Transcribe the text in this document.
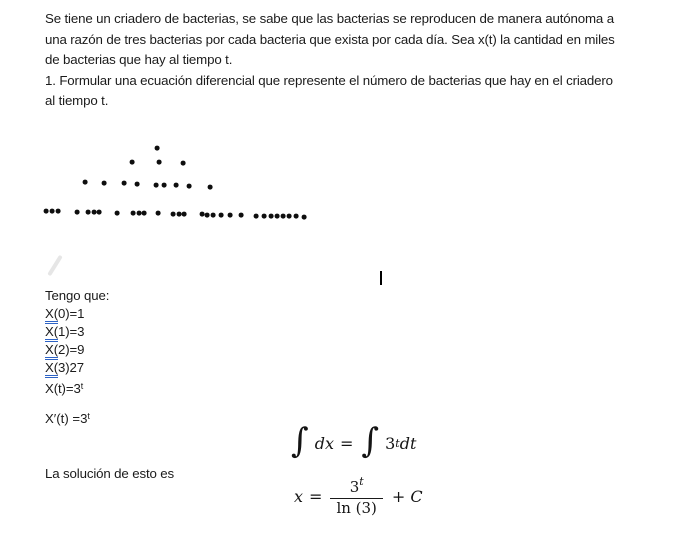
Se tiene un criadero de bacterias, se sabe que las bacterias se reproducen de manera autónoma a
una razón de tres bacterias por cada bacteria que exista por cada día. Sea x(t) la cantidad en miles
de bacterias que hay al tiempo t.
1. Formular una ecuación diferencial que represente el número de bacterias que hay en el criadero
al tiempo t.
Tengo que:
X(0)=1
X(1)=3
X(2)=9
X(3)27
$X(t)=3^t$
$X'(t) =3^t$
La solución de esto es
∫ dx = ∫ 3 t dt
$x = \frac{3^t}{\ln (3)} + C$
